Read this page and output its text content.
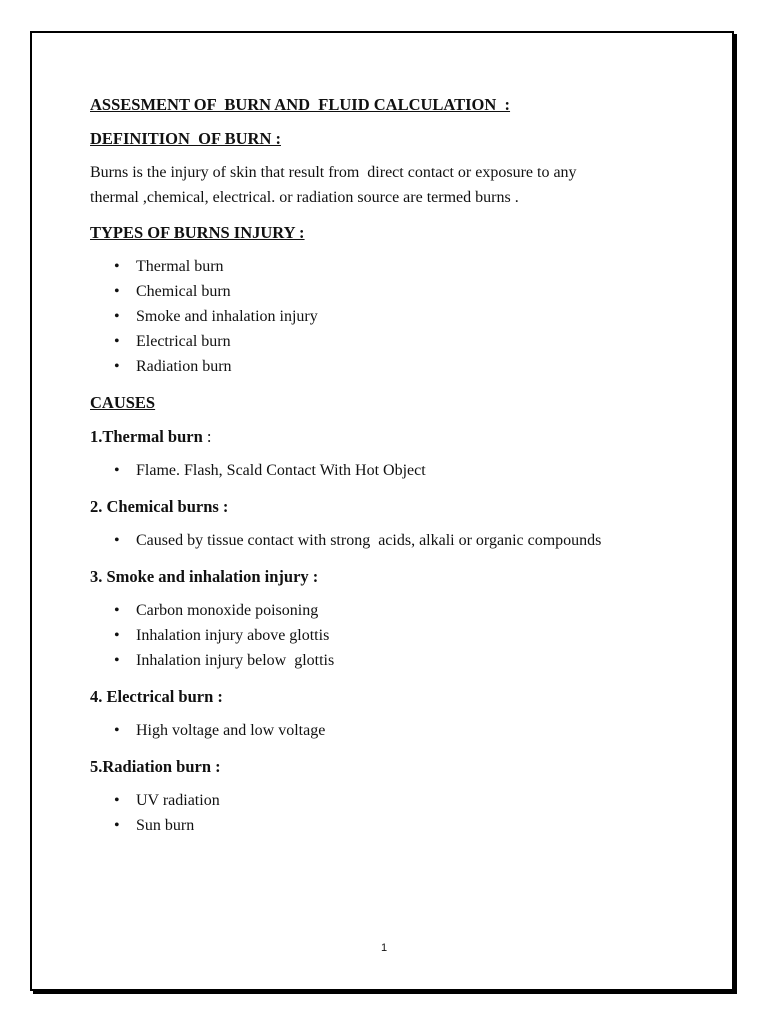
ASSESMENT OF  BURN AND  FLUID CALCULATION  :
DEFINITION  OF BURN :
Burns is the injury of skin that result from  direct contact or exposure to any
thermal ,chemical, electrical. or radiation source are termed burns .
TYPES OF BURNS INJURY :
• Thermal burn
• Chemical burn
• Smoke and inhalation injury
• Electrical burn
• Radiation burn
CAUSES
1.Thermal burn :
• Flame. Flash, Scald Contact With Hot Object
2. Chemical burns :
• Caused by tissue contact with strong  acids, alkali or organic compounds
3. Smoke and inhalation injury :
• Carbon monoxide poisoning
• Inhalation injury above glottis
• Inhalation injury below  glottis
4. Electrical burn :
• High voltage and low voltage
5.Radiation burn :
• UV radiation
• Sun burn
1
